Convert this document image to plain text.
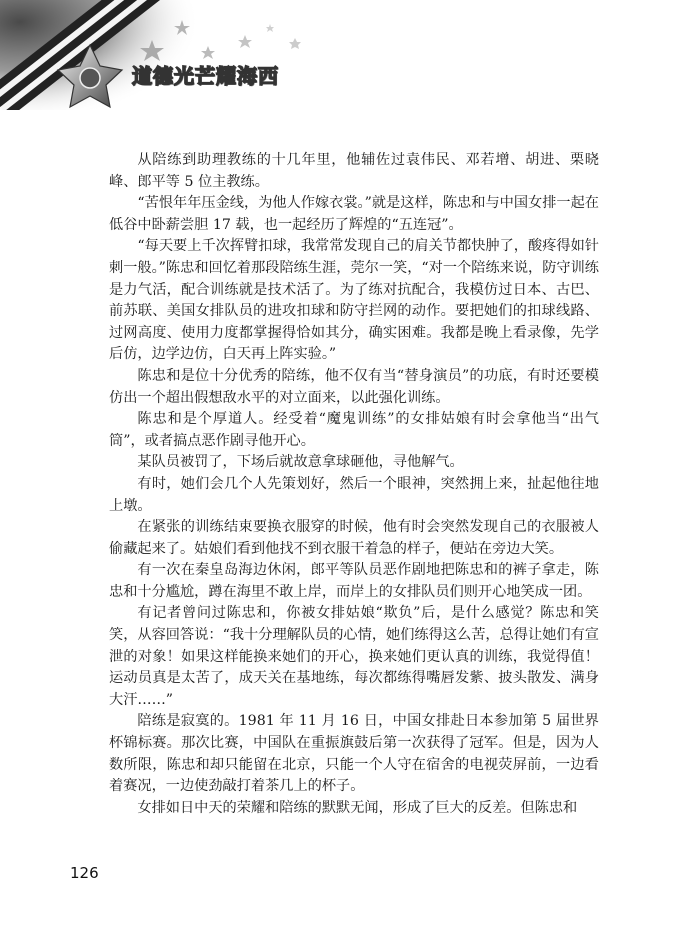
道德光芒耀海西

从陪练到助理教练的十几年里，他辅佐过袁伟民、邓若增、胡进、栗晓峰、郎平等 5 位主教练。

“苦恨年年压金线，为他人作嫁衣裳。”就是这样，陈忠和与中国女排一起在低谷中卧薪尝胆 17 载，也一起经历了辉煌的“五连冠”。

“每天要上千次挥臂扣球，我常常发现自己的肩关节都快肿了，酸疼得如针刺一般。”陈忠和回忆着那段陪练生涯，莞尔一笑，“对一个陪练来说，防守训练是力气活，配合训练就是技术活了。为了练对抗配合，我模仿过日本、古巴、前苏联、美国女排队员的进攻扣球和防守拦网的动作。要把她们的扣球线路、过网高度、使用力度都掌握得恰如其分，确实困难。我都是晚上看录像，先学后仿，边学边仿，白天再上阵实验。”

陈忠和是位十分优秀的陪练，他不仅有当“替身演员”的功底，有时还要模仿出一个超出假想敌水平的对立面来，以此强化训练。

陈忠和是个厚道人。经受着“魔鬼训练”的女排姑娘有时会拿他当“出气筒”，或者搞点恶作剧寻他开心。

某队员被罚了，下场后就故意拿球砸他，寻他解气。

有时，她们会几个人先策划好，然后一个眼神，突然拥上来，扯起他往地上墩。

在紧张的训练结束要换衣服穿的时候，他有时会突然发现自己的衣服被人偷藏起来了。姑娘们看到他找不到衣服干着急的样子，便站在旁边大笑。

有一次在秦皇岛海边休闲，郎平等队员恶作剧地把陈忠和的裤子拿走，陈忠和十分尴尬，蹲在海里不敢上岸，而岸上的女排队员们则开心地笑成一团。

有记者曾问过陈忠和，你被女排姑娘“欺负”后，是什么感觉？陈忠和笑笑，从容回答说：“我十分理解队员的心情，她们练得这么苦，总得让她们有宣泄的对象！如果这样能换来她们的开心，换来她们更认真的训练，我觉得值！运动员真是太苦了，成天关在基地练，每次都练得嘴唇发紫、披头散发、满身大汗……”

陪练是寂寞的。1981 年 11 月 16 日，中国女排赴日本参加第 5 届世界杯锦标赛。那次比赛，中国队在重振旗鼓后第一次获得了冠军。但是，因为人数所限，陈忠和却只能留在北京，只能一个人守在宿舍的电视荧屏前，一边看着赛况，一边使劲敲打着茶几上的杯子。

女排如日中天的荣耀和陪练的默默无闻，形成了巨大的反差。但陈忠和

126
